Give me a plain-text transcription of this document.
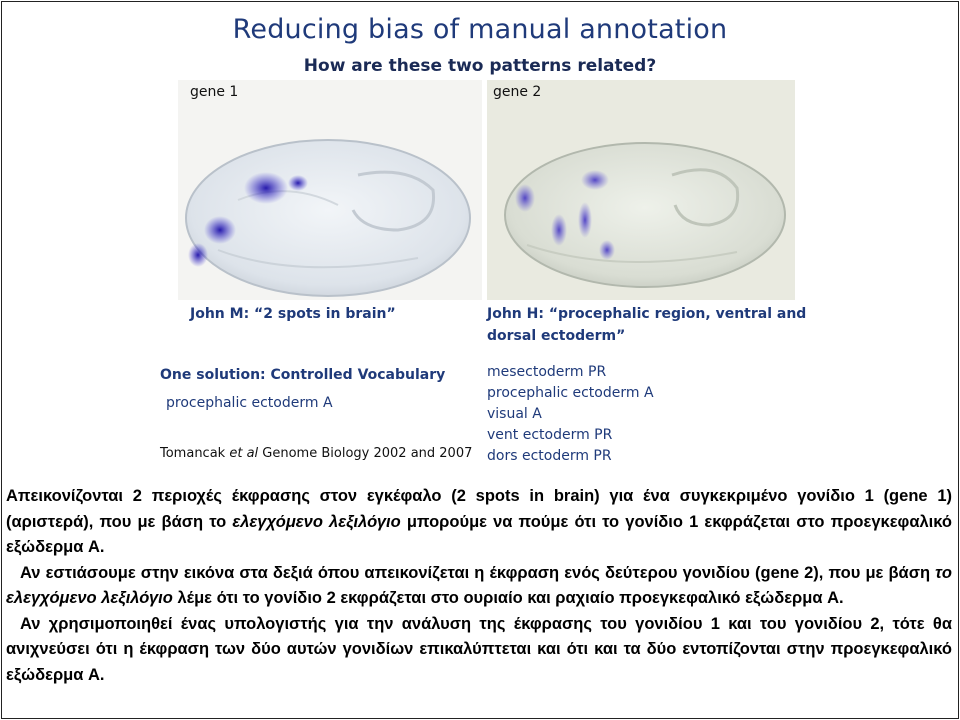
Reducing bias of manual annotation
How are these two patterns related?
gene 1	gene 2
John M: “2 spots in brain”	John H: “procephalic region, ventral and
dorsal ectoderm”
One solution: Controlled Vocabulary
procephalic ectoderm A
Tomancak et al Genome Biology 2002 and 2007
mesectoderm PR
procephalic ectoderm A
visual A
vent ectoderm PR
dors ectoderm PR

Απεικονίζονται 2 περιοχές έκφρασης στον εγκέφαλο (2 spots in brain) για ένα συγκεκριμένο γονίδιο 1 (gene 1) (αριστερά), που με βάση το ελεγχόμενο λεξιλόγιο μπορούμε να πούμε ότι το γονίδιο 1 εκφράζεται στο προεγκεφαλικό εξώδερμα A.

Αν εστιάσουμε στην εικόνα στα δεξιά όπου απεικονίζεται η έκφραση ενός δεύτερου γονιδίου (gene 2), που με βάση το ελεγχόμενο λεξιλόγιο λέμε ότι το γονίδιο 2 εκφράζεται στο ουριαίο και ραχιαίο προεγκεφαλικό εξώδερμα A.

Αν χρησιμοποιηθεί ένας υπολογιστής για την ανάλυση της έκφρασης του γονιδίου 1 και του γονιδίου 2, τότε θα ανιχνεύσει ότι η έκφραση των δύο αυτών γονιδίων επικαλύπτεται και ότι και τα δύο εντοπίζονται στην προεγκεφαλικό εξώδερμα A.
